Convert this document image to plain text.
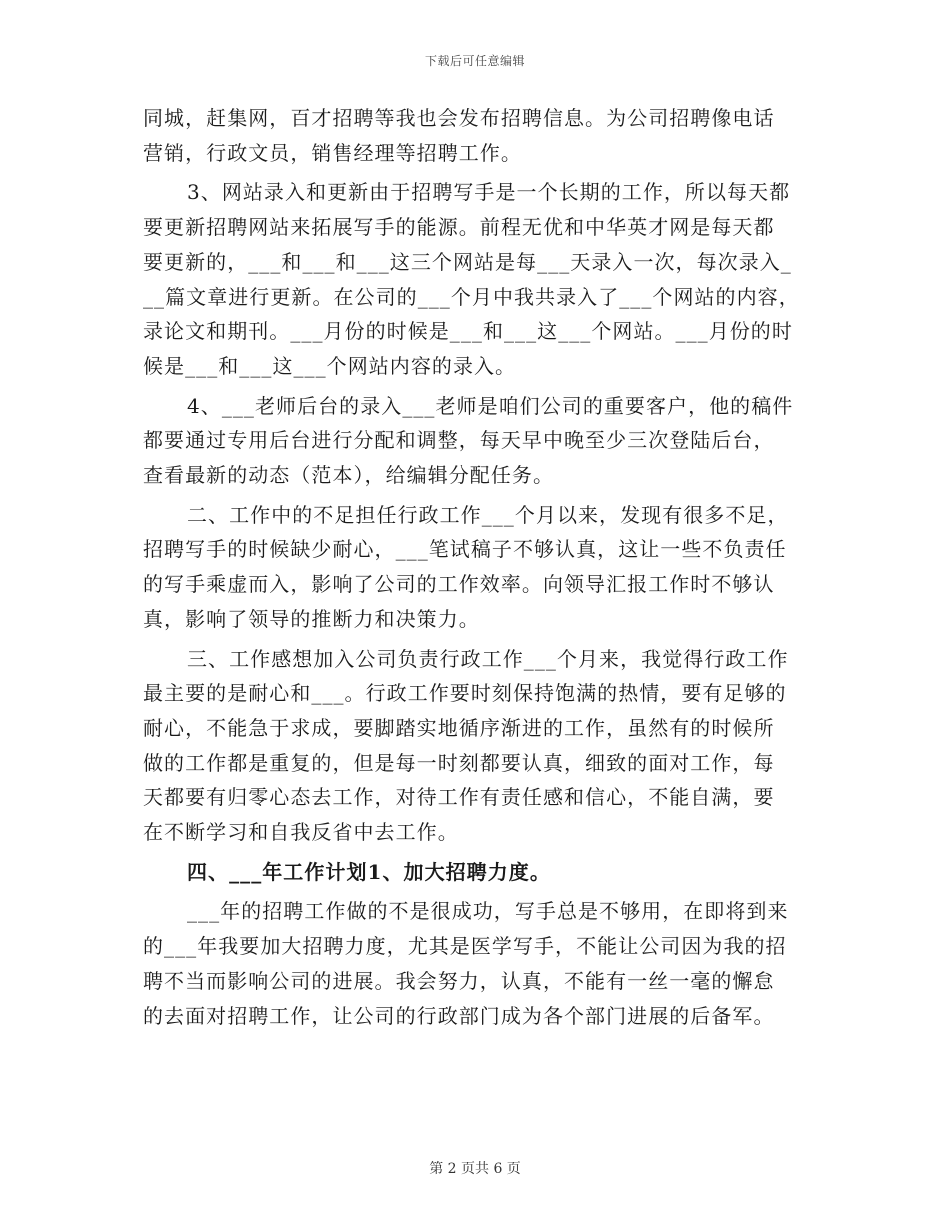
下载后可任意编辑
同城，赶集网，百才招聘等我也会发布招聘信息。为公司招聘像电话
营销，行政文员，销售经理等招聘工作。
3、网站录入和更新由于招聘写手是一个长期的工作，所以每天都
要更新招聘网站来拓展写手的能源。前程无优和中华英才网是每天都
要更新的，___和___和___这三个网站是每___天录入一次，每次录入_
__篇文章进行更新。在公司的___个月中我共录入了___个网站的内容，
录论文和期刊。___月份的时候是___和___这___个网站。___月份的时
候是___和___这___个网站内容的录入。
4、___老师后台的录入___老师是咱们公司的重要客户，他的稿件
都要通过专用后台进行分配和调整，每天早中晚至少三次登陆后台，
查看最新的动态（范本），给编辑分配任务。
二、工作中的不足担任行政工作___个月以来，发现有很多不足，
招聘写手的时候缺少耐心，___笔试稿子不够认真，这让一些不负责任
的写手乘虚而入，影响了公司的工作效率。向领导汇报工作时不够认
真，影响了领导的推断力和决策力。
三、工作感想加入公司负责行政工作___个月来，我觉得行政工作
最主要的是耐心和___。行政工作要时刻保持饱满的热情，要有足够的
耐心，不能急于求成，要脚踏实地循序渐进的工作，虽然有的时候所
做的工作都是重复的，但是每一时刻都要认真，细致的面对工作，每
天都要有归零心态去工作，对待工作有责任感和信心，不能自满，要
在不断学习和自我反省中去工作。
四、___年工作计划1、加大招聘力度。
___年的招聘工作做的不是很成功，写手总是不够用，在即将到来
的___年我要加大招聘力度，尤其是医学写手，不能让公司因为我的招
聘不当而影响公司的进展。我会努力，认真，不能有一丝一毫的懈怠
的去面对招聘工作，让公司的行政部门成为各个部门进展的后备军。
第 2 页共 6 页
